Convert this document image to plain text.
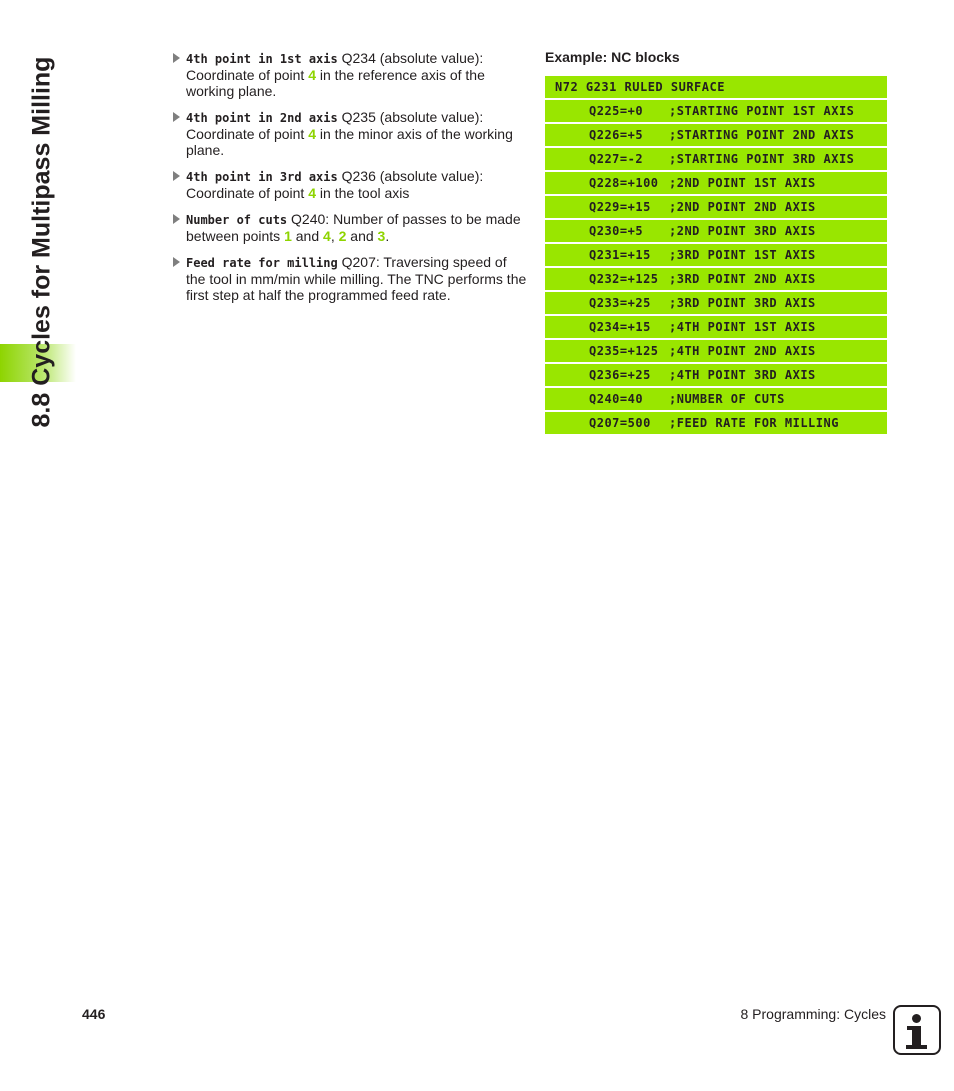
8.8 Cycles for Multipass Milling	4th point in 1st axis Q234 (absolute value): Coordinate of point 4 in the reference axis of the working plane.
4th point in 2nd axis Q235 (absolute value): Coordinate of point 4 in the minor axis of the working plane.
4th point in 3rd axis Q236 (absolute value): Coordinate of point 4 in the tool axis
Number of cuts Q240: Number of passes to be made between points 1 and 4, 2 and 3.
Feed rate for milling Q207: Traversing speed of the tool in mm/min while milling. The TNC performs the first step at half the programmed feed rate.
Example: NC blocks
N72 G231 RULED SURFACE
Q225=+0 ;STARTING POINT 1ST AXIS
Q226=+5 ;STARTING POINT 2ND AXIS
Q227=-2 ;STARTING POINT 3RD AXIS
Q228=+100 ;2ND POINT 1ST AXIS
Q229=+15 ;2ND POINT 2ND AXIS
Q230=+5 ;2ND POINT 3RD AXIS
Q231=+15 ;3RD POINT 1ST AXIS
Q232=+125 ;3RD POINT 2ND AXIS
Q233=+25 ;3RD POINT 3RD AXIS
Q234=+15 ;4TH POINT 1ST AXIS
Q235=+125 ;4TH POINT 2ND AXIS
Q236=+25 ;4TH POINT 3RD AXIS
Q240=40 ;NUMBER OF CUTS
Q207=500 ;FEED RATE FOR MILLING
446	8 Programming: Cycles
